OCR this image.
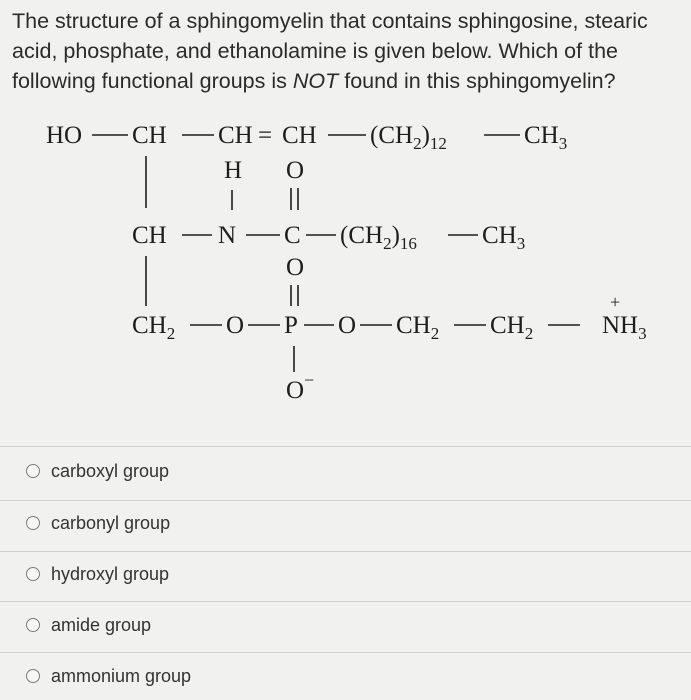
The structure of a sphingomyelin that contains sphingosine, stearic acid, phosphate, and ethanolamine is given below. Which of the following functional groups is NOT found in this sphingomyelin?

HO CH CH = CH $(CH_2)_{12}$	$CH_3$
H O
CH N C $(CH_2)_{16}$	$CH_3$
O
$CH_2$ O P O $CH_2$ $CH_2$
+
$NH_3$
O −
carboxyl group
carbonyl group
hydroxyl group
amide group
ammonium group
